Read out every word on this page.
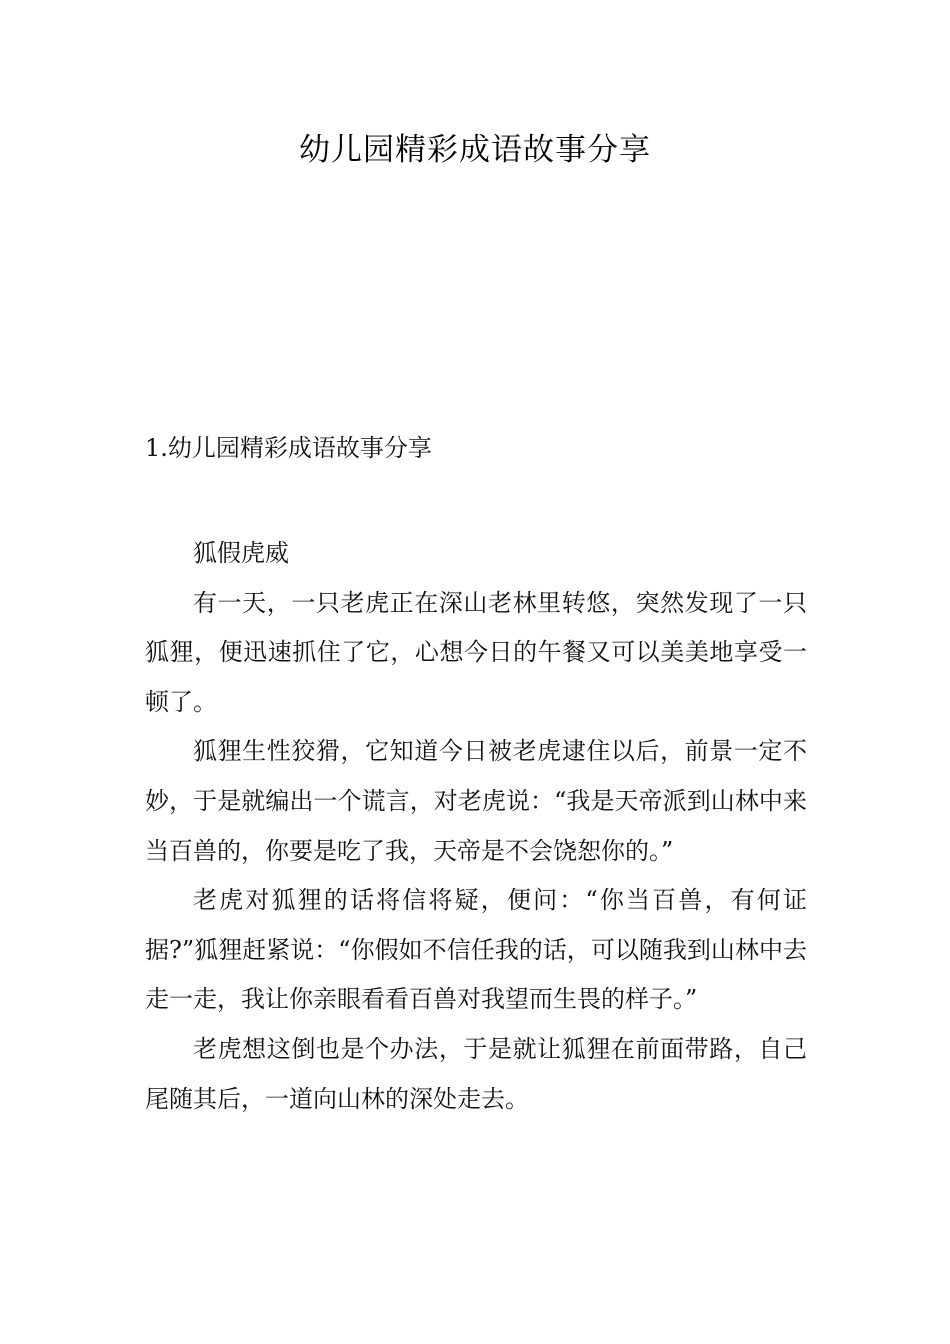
幼儿园精彩成语故事分享
1.幼儿园精彩成语故事分享

狐假虎威

有一天，一只老虎正在深山老林里转悠，突然发现了一只狐狸，便迅速抓住了它，心想今日的午餐又可以美美地享受一顿了。

狐狸生性狡猾，它知道今日被老虎逮住以后，前景一定不妙，于是就编出一个谎言，对老虎说：“我是天帝派到山林中来当百兽的，你要是吃了我，天帝是不会饶恕你的。”

老虎对狐狸的话将信将疑，便问：“你当百兽，有何证据?”狐狸赶紧说：“你假如不信任我的话，可以随我到山林中去走一走，我让你亲眼看看百兽对我望而生畏的样子。”

老虎想这倒也是个办法，于是就让狐狸在前面带路，自己尾随其后，一道向山林的深处走去。
